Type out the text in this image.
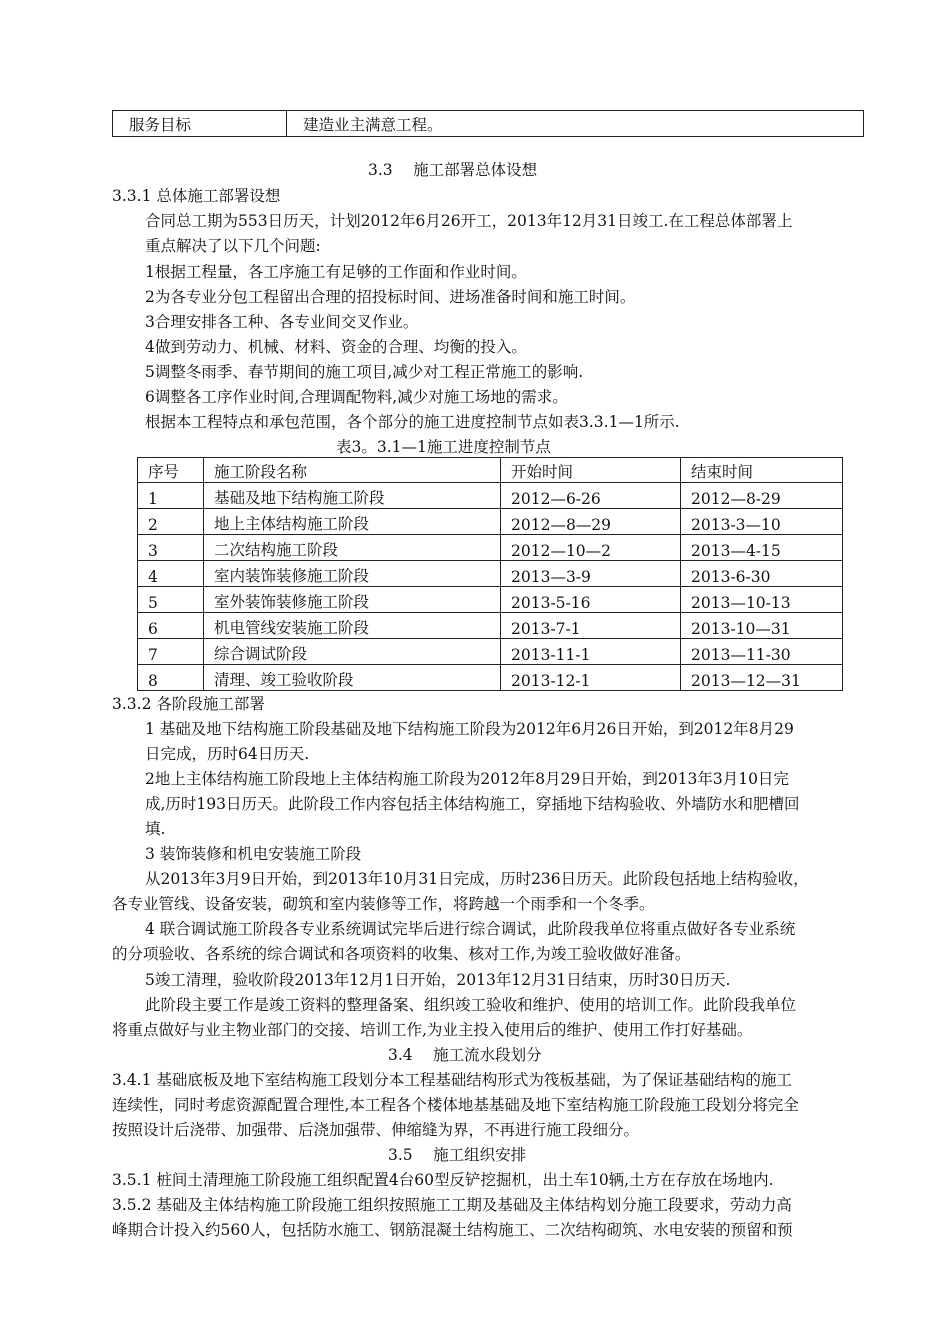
服务目标	建造业主满意工程。
3.3　 施工部署总体设想
3.3.1 总体施工部署设想
合同总工期为553日历天，计划2012年6月26开工，2013年12月31日竣工.在工程总体部署上
重点解决了以下几个问题:
1根据工程量，各工序施工有足够的工作面和作业时间。
2为各专业分包工程留出合理的招投标时间、进场准备时间和施工时间。
3合理安排各工种、各专业间交叉作业。
4做到劳动力、机械、材料、资金的合理、均衡的投入。
5调整冬雨季、春节期间的施工项目,减少对工程正常施工的影响.
6调整各工序作业时间,合理调配物料,减少对施工场地的需求。
根据本工程特点和承包范围，各个部分的施工进度控制节点如表3.3.1—1所示.
表3。3.1—1施工进度控制节点
序号	施工阶段名称	开始时间	结束时间
1	基础及地下结构施工阶段	2012—6-26	2012—8-29
2	地上主体结构施工阶段	2012—8—29	2013-3—10
3	二次结构施工阶段	2012—10—2	2013—4-15
4	室内装饰装修施工阶段	2013—3-9	2013-6-30
5	室外装饰装修施工阶段	2013-5-16	2013—10-13
6	机电管线安装施工阶段	2013-7-1	2013-10—31
7	综合调试阶段	2013-11-1	2013—11-30
8	清理、竣工验收阶段	2013-12-1	2013—12—31
3.3.2 各阶段施工部署
1 基础及地下结构施工阶段基础及地下结构施工阶段为2012年6月26日开始，到2012年8月29
日完成，历时64日历天.
2地上主体结构施工阶段地上主体结构施工阶段为2012年8月29日开始，到2013年3月10日完
成,历时193日历天。此阶段工作内容包括主体结构施工，穿插地下结构验收、外墙防水和肥槽回
填.
3 装饰装修和机电安装施工阶段
从2013年3月9日开始，到2013年10月31日完成，历时236日历天。此阶段包括地上结构验收，
各专业管线、设备安装，砌筑和室内装修等工作，将跨越一个雨季和一个冬季。
4 联合调试施工阶段各专业系统调试完毕后进行综合调试，此阶段我单位将重点做好各专业系统
的分项验收、各系统的综合调试和各项资料的收集、核对工作,为竣工验收做好准备。
5竣工清理，验收阶段2013年12月1日开始，2013年12月31日结束，历时30日历天.
此阶段主要工作是竣工资料的整理备案、组织竣工验收和维护、使用的培训工作。此阶段我单位
将重点做好与业主物业部门的交接、培训工作,为业主投入使用后的维护、使用工作打好基础。
3.4　 施工流水段划分
3.4.1 基础底板及地下室结构施工段划分本工程基础结构形式为筏板基础，为了保证基础结构的施工
连续性，同时考虑资源配置合理性,本工程各个楼体地基基础及地下室结构施工阶段施工段划分将完全
按照设计后浇带、加强带、后浇加强带、伸缩缝为界，不再进行施工段细分。
3.5　 施工组织安排
3.5.1 桩间土清理施工阶段施工组织配置4台60型反铲挖掘机，出土车10辆,土方在存放在场地内.
3.5.2 基础及主体结构施工阶段施工组织按照施工工期及基础及主体结构划分施工段要求，劳动力高
峰期合计投入约560人，包括防水施工、钢筋混凝土结构施工、二次结构砌筑、水电安装的预留和预
